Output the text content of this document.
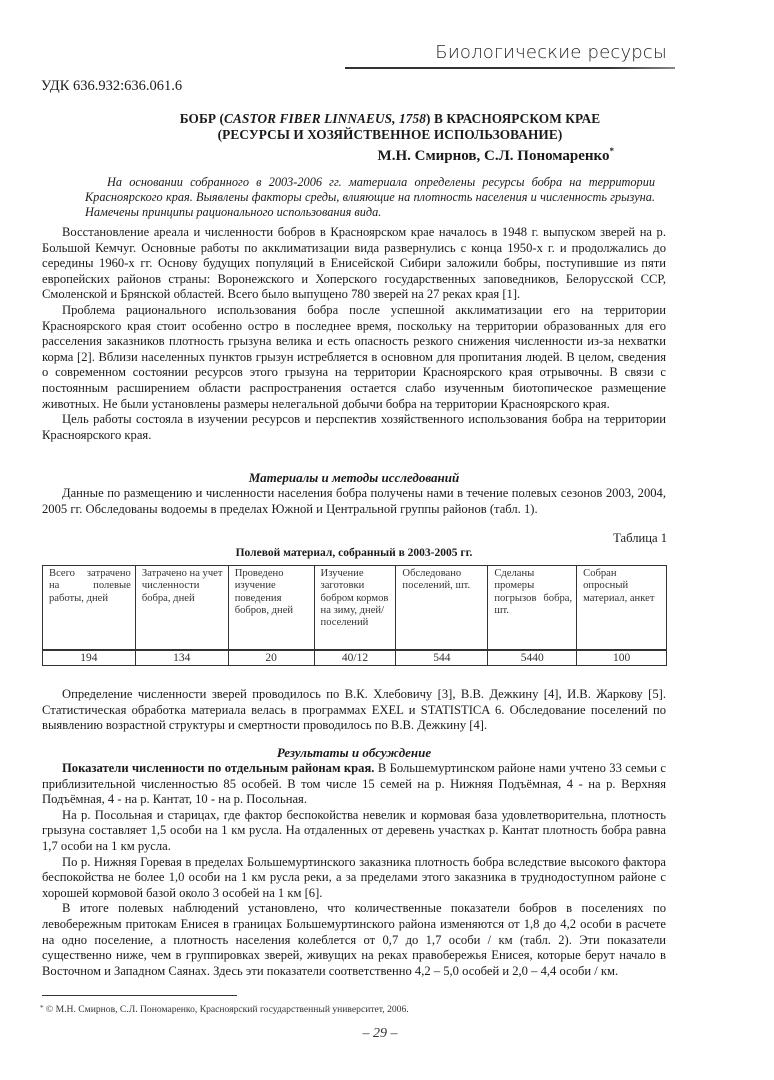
Биологические ресурсы
УДК 636.932:636.061.6
БОБР (CASTOR FIBER LINNAEUS, 1758) В КРАСНОЯРСКОМ КРАЕ
(РЕСУРСЫ И ХОЗЯЙСТВЕННОЕ ИСПОЛЬЗОВАНИЕ)
М.Н. Смирнов, С.Л. Пономаренко*
На основании собранного в 2003-2006 гг. материала определены ресурсы бобра на территории Красноярского края. Выявлены факторы среды, влияющие на плотность населения и численность грызуна. Намечены принципы рационального использования вида.

Восстановление ареала и численности бобров в Красноярском крае началось в 1948 г. выпуском зверей на р. Большой Кемчуг. Основные работы по акклиматизации вида развернулись с конца 1950-х г. и продолжались до середины 1960-х гг. Основу будущих популяций в Енисейской Сибири заложили бобры, поступившие из пяти европейских районов страны: Воронежского и Хоперского государственных заповедников, Белорусской ССР, Смоленской и Брянской областей. Всего было выпущено 780 зверей на 27 реках края [1].

Проблема рационального использования бобра после успешной акклиматизации его на территории Красноярского края стоит особенно остро в последнее время, поскольку на территории образованных для его расселения заказников плотность грызуна велика и есть опасность резкого снижения численности из-за нехватки корма [2]. Вблизи населенных пунктов грызун истребляется в основном для пропитания людей. В целом, сведения о современном состоянии ресурсов этого грызуна на территории Красноярского края отрывочны. В связи с постоянным расширением области распространения остается слабо изученным биотопическое размещение животных. Не были установлены размеры нелегальной добычи бобра на территории Красноярского края.

Цель работы состояла в изучении ресурсов и перспектив хозяйственного использования бобра на территории Красноярского края.

Материалы и методы исследований

Данные по размещению и численности населения бобра получены нами в течение полевых сезонов 2003, 2004, 2005 гг. Обследованы водоемы в пределах Южной и Центральной группы районов (табл. 1).

Таблица 1
Полевой материал, собранный в 2003-2005 гг.
Всего затрачено на полевые работы, дней	Затрачено на учет численности бобра, дней	Проведено изучение поведения бобров, дней	Изучение заготовки бобром кормов на зиму, дней/поселений	Обследовано поселений, шт.	Сделаны промеры погрызов бобра, шт.	Собран опросный материал, анкет
194	134	20	40/12	544	5440	100

Определение численности зверей проводилось по В.К. Хлебовичу [3], В.В. Дежкину [4], И.В. Жаркову [5]. Статистическая обработка материала велась в программах EXEL и STATISTICA 6. Обследование поселений по выявлению возрастной структуры и смертности проводилось по В.В. Дежкину [4].

Результаты и обсуждение

Показатели численности по отдельным районам края. В Большемуртинском районе нами учтено 33 семьи с приблизительной численностью 85 особей. В том числе 15 семей на р. Нижняя Подъёмная, 4 - на р. Верхняя Подъёмная, 4 - на р. Кантат, 10 - на р. Посольная.

На р. Посольная и старицах, где фактор беспокойства невелик и кормовая база удовлетворительна, плотность грызуна составляет 1,5 особи на 1 км русла. На отдаленных от деревень участках р. Кантат плотность бобра равна 1,7 особи на 1 км русла.

По р. Нижняя Горевая в пределах Большемуртинского заказника плотность бобра вследствие высокого фактора беспокойства не более 1,0 особи на 1 км русла реки, а за пределами этого заказника в труднодоступном районе с хорошей кормовой базой около 3 особей на 1 км [6].

В итоге полевых наблюдений установлено, что количественные показатели бобров в поселениях по левобережным притокам Енисея в границах Большемуртинского района изменяются от 1,8 до 4,2 особи в расчете на одно поселение, а плотность населения колеблется от 0,7 до 1,7 особи / км (табл. 2). Эти показатели существенно ниже, чем в группировках зверей, живущих на реках правобережья Енисея, которые берут начало в Восточном и Западном Саянах. Здесь эти показатели соответственно 4,2 – 5,0 особей и 2,0 – 4,4 особи / км.

* © М.Н. Смирнов, С.Л. Пономаренко, Красноярский государственный университет, 2006.
– 29 –
